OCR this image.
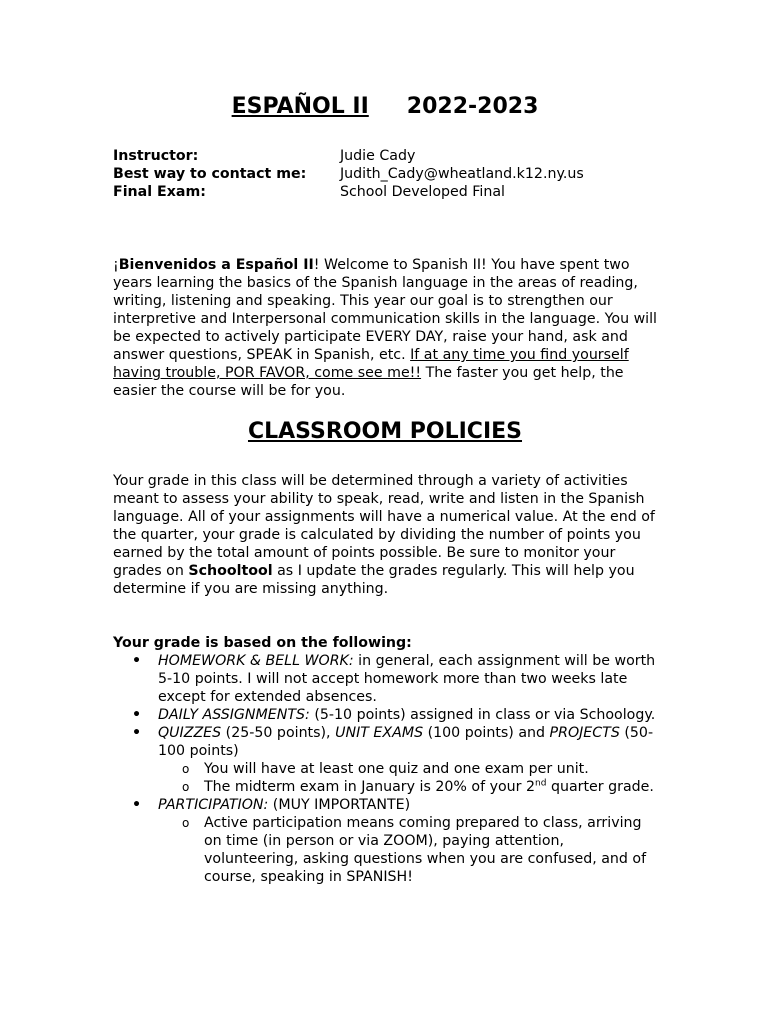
ESPAÑOL II 2022-2023
Instructor:	Judie Cady
Best way to contact me:	Judith_Cady@wheatland.k12.ny.us
Final Exam:	School Developed Final
¡Bienvenidos a Español II! Welcome to Spanish II! You have spent two years learning the basics of the Spanish language in the areas of reading, writing, listening and speaking. This year our goal is to strengthen our interpretive and Interpersonal communication skills in the language. You will be expected to actively participate EVERY DAY, raise your hand, ask and answer questions, SPEAK in Spanish, etc. If at any time you find yourself having trouble, POR FAVOR, come see me!! The faster you get help, the easier the course will be for you.
CLASSROOM POLICIES
Your grade in this class will be determined through a variety of activities meant to assess your ability to speak, read, write and listen in the Spanish language. All of your assignments will have a numerical value. At the end of the quarter, your grade is calculated by dividing the number of points you earned by the total amount of points possible. Be sure to monitor your grades on Schooltool as I update the grades regularly. This will help you determine if you are missing anything.
Your grade is based on the following:
• HOMEWORK & BELL WORK: in general, each assignment will be worth 5-10 points. I will not accept homework more than two weeks late except for extended absences.
• DAILY ASSIGNMENTS: (5-10 points) assigned in class or via Schoology.
• QUIZZES (25-50 points), UNIT EXAMS (100 points) and PROJECTS (50-100 points)
o You will have at least one quiz and one exam per unit.
o The midterm exam in January is 20% of your 2nd quarter grade.
• PARTICIPATION: (MUY IMPORTANTE)
o Active participation means coming prepared to class, arriving on time (in person or via ZOOM), paying attention, volunteering, asking questions when you are confused, and of course, speaking in SPANISH!
